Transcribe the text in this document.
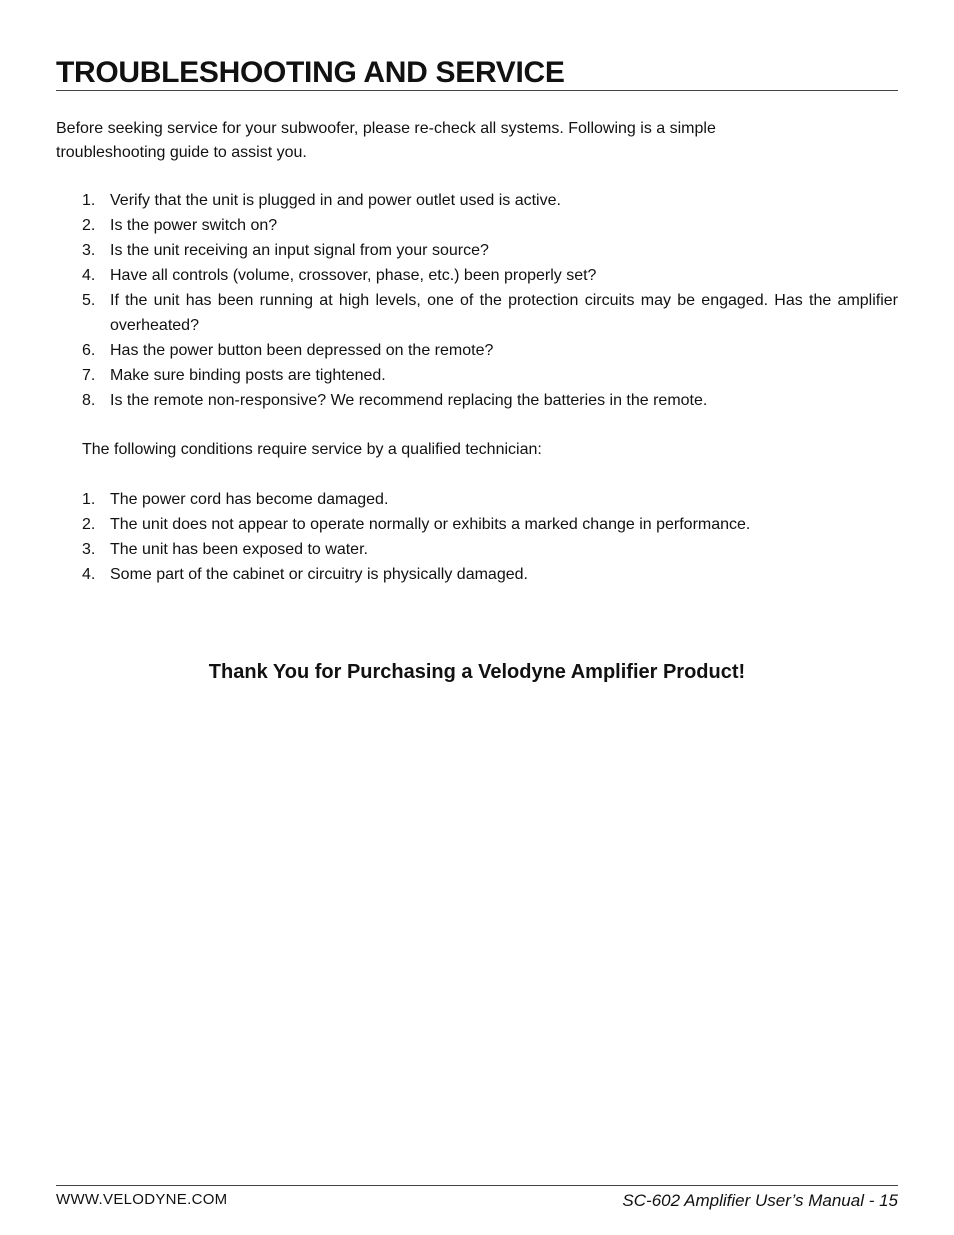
TROUBLESHOOTING AND SERVICE

Before seeking service for your subwoofer, please re-check all systems. Following is a simple troubleshooting guide to assist you.

1. Verify that the unit is plugged in and power outlet used is active.
2. Is the power switch on?
3. Is the unit receiving an input signal from your source?
4. Have all controls (volume, crossover, phase, etc.) been properly set?
5. If the unit has been running at high levels, one of the protection circuits may be engaged. Has the amplifier overheated?
6. Has the power button been depressed on the remote?
7. Make sure binding posts are tightened.
8. Is the remote non-responsive? We recommend replacing the batteries in the remote.

The following conditions require service by a qualified technician:

1. The power cord has become damaged.
2. The unit does not appear to operate normally or exhibits a marked change in performance.
3. The unit has been exposed to water.
4. Some part of the cabinet or circuitry is physically damaged.

Thank You for Purchasing a Velodyne Amplifier Product!

WWW.VELODYNE.COM	SC-602 Amplifier User’s Manual - 15
